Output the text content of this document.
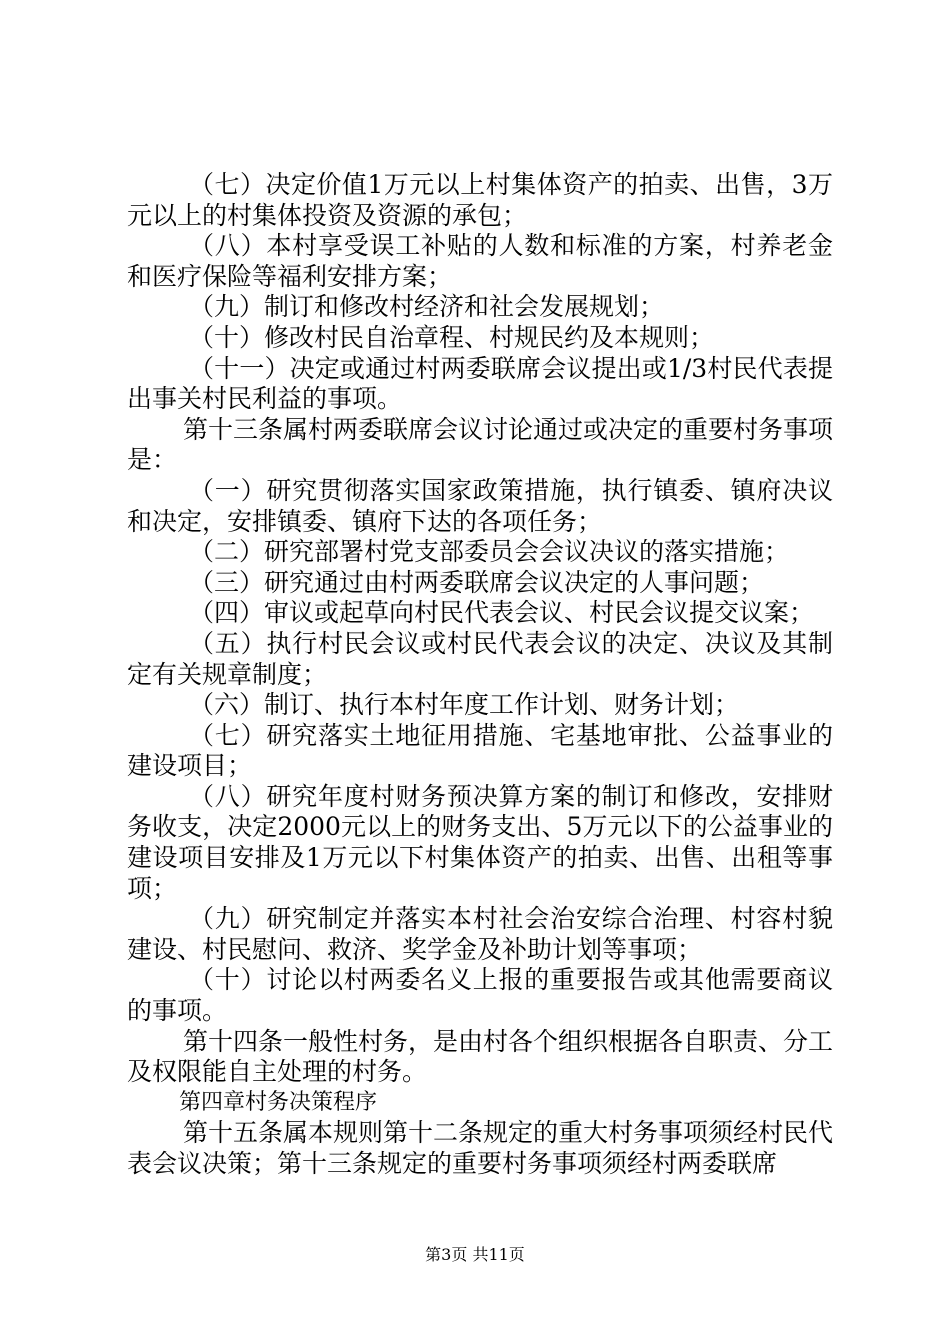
（七）决定价值1万元以上村集体资产的拍卖、出售，3万元以上的村集体投资及资源的承包；

（八）本村享受误工补贴的人数和标准的方案，村养老金和医疗保险等福利安排方案；

（九）制订和修改村经济和社会发展规划；

（十）修改村民自治章程、村规民约及本规则；

（十一）决定或通过村两委联席会议提出或1/3村民代表提出事关村民利益的事项。

第十三条属村两委联席会议讨论通过或决定的重要村务事项是：

（一）研究贯彻落实国家政策措施，执行镇委、镇府决议和决定，安排镇委、镇府下达的各项任务；

（二）研究部署村党支部委员会会议决议的落实措施；

（三）研究通过由村两委联席会议决定的人事问题；

（四）审议或起草向村民代表会议、村民会议提交议案；

（五）执行村民会议或村民代表会议的决定、决议及其制定有关规章制度；

（六）制订、执行本村年度工作计划、财务计划；

（七）研究落实土地征用措施、宅基地审批、公益事业的建设项目；

（八）研究年度村财务预决算方案的制订和修改，安排财务收支，决定2000元以上的财务支出、5万元以下的公益事业的建设项目安排及1万元以下村集体资产的拍卖、出售、出租等事项；

（九）研究制定并落实本村社会治安综合治理、村容村貌建设、村民慰问、救济、奖学金及补助计划等事项；

（十）讨论以村两委名义上报的重要报告或其他需要商议的事项。

第十四条一般性村务，是由村各个组织根据各自职责、分工及权限能自主处理的村务。

第四章村务决策程序

第十五条属本规则第十二条规定的重大村务事项须经村民代表会议决策；第十三条规定的重要村务事项须经村两委联席

第3页 共11页
